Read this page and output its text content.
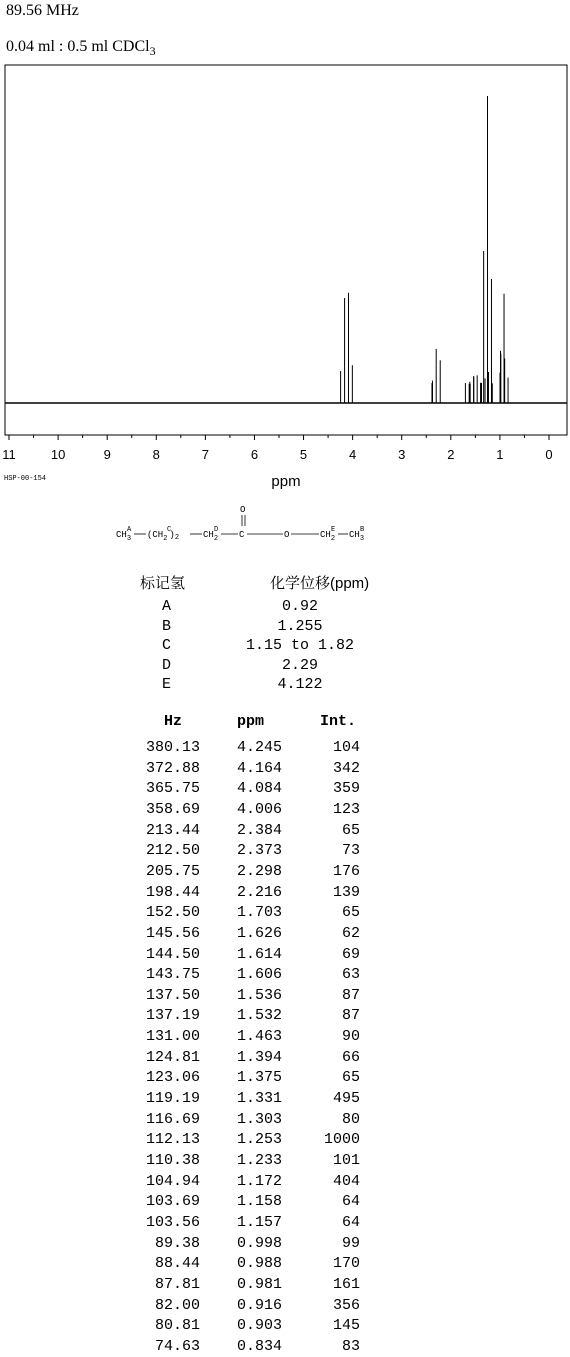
89.56 MHz
0.04 ml : 0.5 ml CDCl$_3$
11	10	9	8	7	6	5	4	3	2	1	0
ppm
HSP-00-154
$CH_3$
A ($CH_2$ )$_2$
C	$CH_2$
D C
O
O	$CH_2$
E $CH_3$
B
标记氢	化学位移(ppm)
A	0.92
B	1.255
C	1.15 to 1.82
D	2.29
E	4.122
Hz	ppm	Int.
380.13 4.245	104
372.88 4.164	342
365.75 4.084	359
358.69 4.006	123
213.44 2.384	65
212.50 2.373	73
205.75 2.298	176
198.44 2.216	139
152.50 1.703	65
145.56 1.626	62
144.50 1.614	69
143.75 1.606	63
137.50 1.536	87
137.19 1.532	87
131.00 1.463	90
124.81 1.394	66
123.06 1.375	65
119.19 1.331	495
116.69 1.303	80
112.13 1.253	1000
110.38 1.233	101
104.94 1.172	404
103.69 1.158	64
103.56 1.157	64
89.38 0.998	99
88.44 0.988	170
87.81 0.981	161
82.00 0.916	356
80.81 0.903	145
74.63 0.834	83
